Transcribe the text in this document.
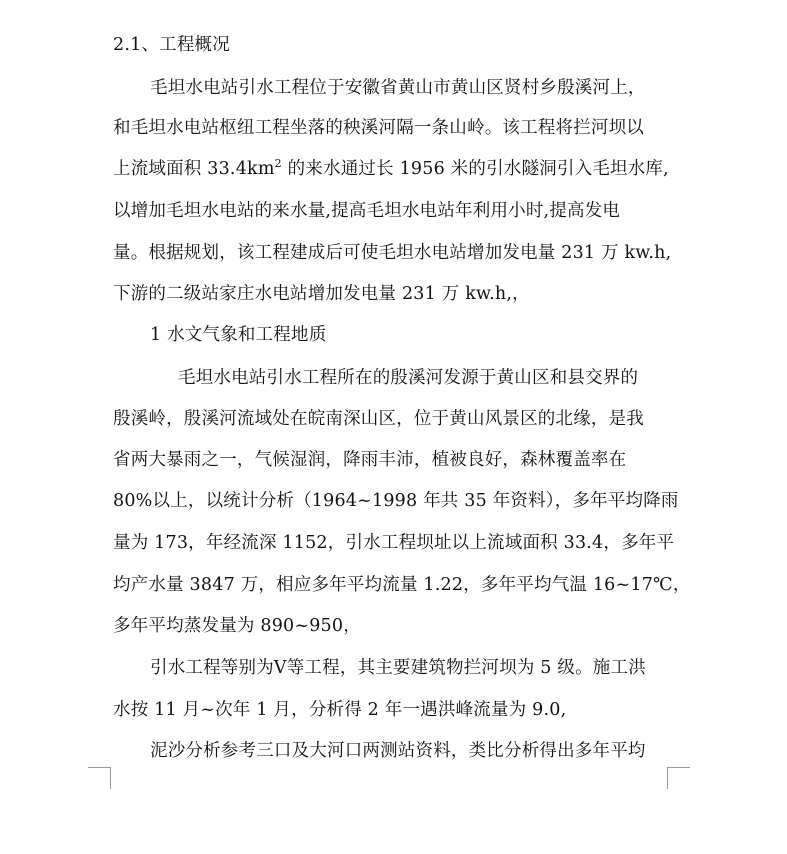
2.1、工程概况
毛坦水电站引水工程位于安徽省黄山市黄山区贤村乡殷溪河上，
和毛坦水电站枢纽工程坐落的秧溪河隔一条山岭。该工程将拦河坝以
上流域面积 $33.4km^2$ 的来水通过长 1956 米的引水隧洞引入毛坦水库,
以增加毛坦水电站的来水量,提高毛坦水电站年利用小时,提高发电
量。根据规划，该工程建成后可使毛坦水电站增加发电量 231 万 kw.h,
下游的二级站家庄水电站增加发电量 231 万 kw.h,，
1 水文气象和工程地质
毛坦水电站引水工程所在的殷溪河发源于黄山区和县交界的
殷溪岭，殷溪河流域处在皖南深山区，位于黄山风景区的北缘，是我
省两大暴雨之一，气候湿润，降雨丰沛，植被良好，森林覆盖率在
80%以上，以统计分析（1964~1998 年共 35 年资料），多年平均降雨
量为 173，年经流深 1152，引水工程坝址以上流域面积 33.4，多年平
均产水量 3847 万，相应多年平均流量 1.22，多年平均气温 16~17℃，
多年平均蒸发量为 890~950，
引水工程等别为Ⅴ等工程，其主要建筑物拦河坝为 5 级。施工洪
水按 11 月~次年 1 月，分析得 2 年一遇洪峰流量为 9.0,
泥沙分析参考三口及大河口两测站资料，类比分析得出多年平均
